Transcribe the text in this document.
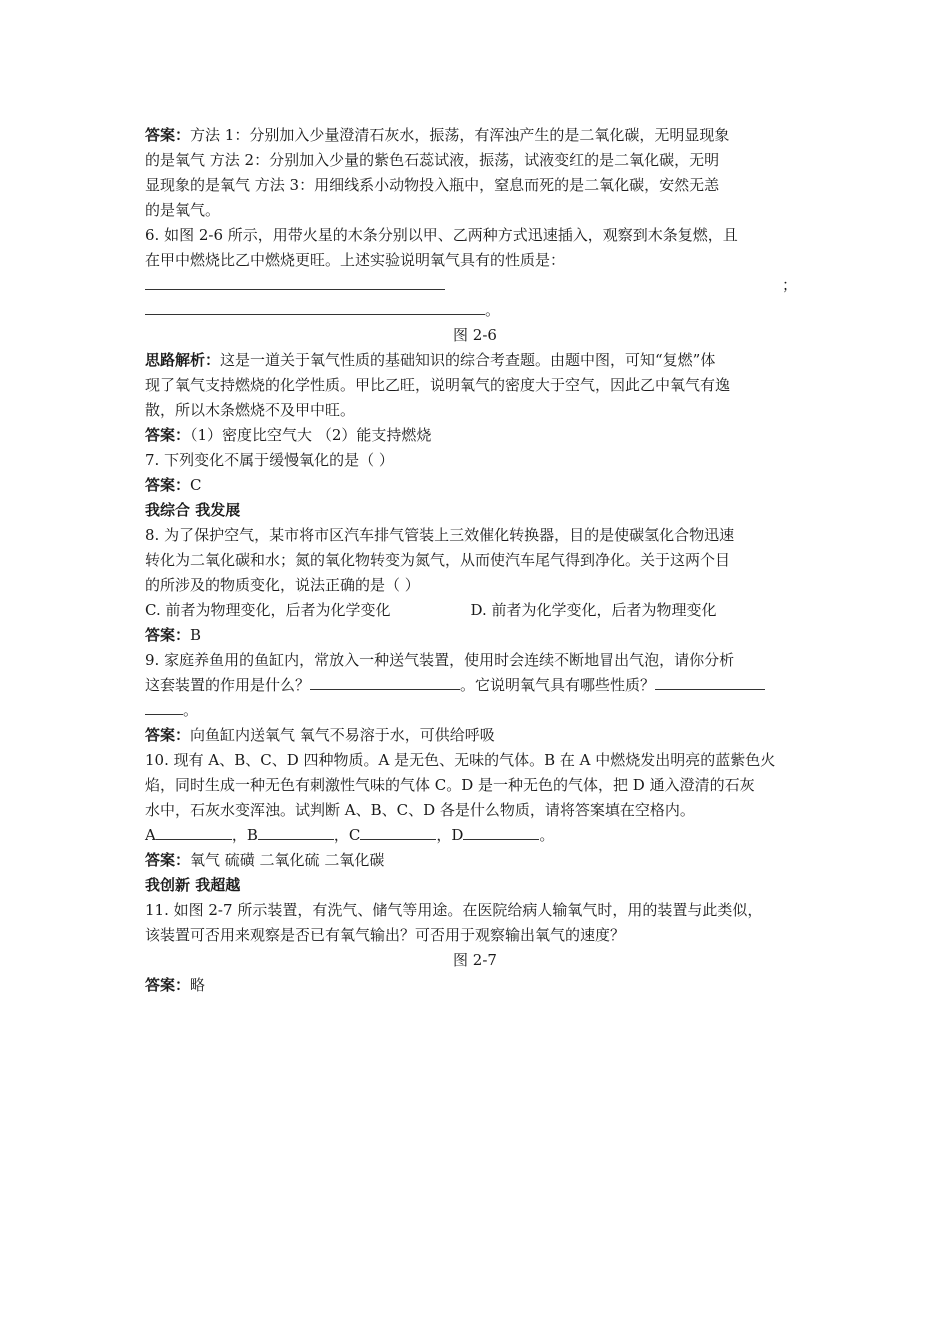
答案：方法 1：分别加入少量澄清石灰水，振荡，有浑浊产生的是二氧化碳，无明显现象
的是氧气 方法 2：分别加入少量的紫色石蕊试液，振荡，试液变红的是二氧化碳，无明
显现象的是氧气 方法 3：用细线系小动物投入瓶中，窒息而死的是二氧化碳，安然无恙
的是氧气。
6. 如图 2-6 所示，用带火星的木条分别以甲、乙两种方式迅速插入，观察到木条复燃，且
在甲中燃烧比乙中燃烧更旺。上述实验说明氧气具有的性质是：
；
。
图 2-6
思路解析：这是一道关于氧气性质的基础知识的综合考查题。由题中图，可知“复燃”体
现了氧气支持燃烧的化学性质。甲比乙旺，说明氧气的密度大于空气，因此乙中氧气有逸
散，所以木条燃烧不及甲中旺。
答案：（1）密度比空气大 （2）能支持燃烧
7. 下列变化不属于缓慢氧化的是（ ）
答案：C
我综合 我发展
8. 为了保护空气，某市将市区汽车排气管装上三效催化转换器，目的是使碳氢化合物迅速
转化为二氧化碳和水；氮的氧化物转变为氮气，从而使汽车尾气得到净化。关于这两个目
的所涉及的物质变化，说法正确的是（ ）
C. 前者为物理变化，后者为化学变化	D. 前者为化学变化，后者为物理变化
答案：B
9. 家庭养鱼用的鱼缸内，常放入一种送气装置，使用时会连续不断地冒出气泡，请你分析
这套装置的作用是什么？	。它说明氧气具有哪些性质？
。
答案：向鱼缸内送氧气 氧气不易溶于水，可供给呼吸
10. 现有 A、B、C、D 四种物质。A 是无色、无味的气体。B 在 A 中燃烧发出明亮的蓝紫色火
焰，同时生成一种无色有刺激性气味的气体 C。D 是一种无色的气体，把 D 通入澄清的石灰
水中，石灰水变浑浊。试判断 A、B、C、D 各是什么物质，请将答案填在空格内。
A	，B	，C	，D	。
答案：氧气 硫磺 二氧化硫 二氧化碳
我创新 我超越
11. 如图 2-7 所示装置，有洗气、储气等用途。在医院给病人输氧气时，用的装置与此类似，
该装置可否用来观察是否已有氧气输出？可否用于观察输出氧气的速度？
图 2-7
答案：略
